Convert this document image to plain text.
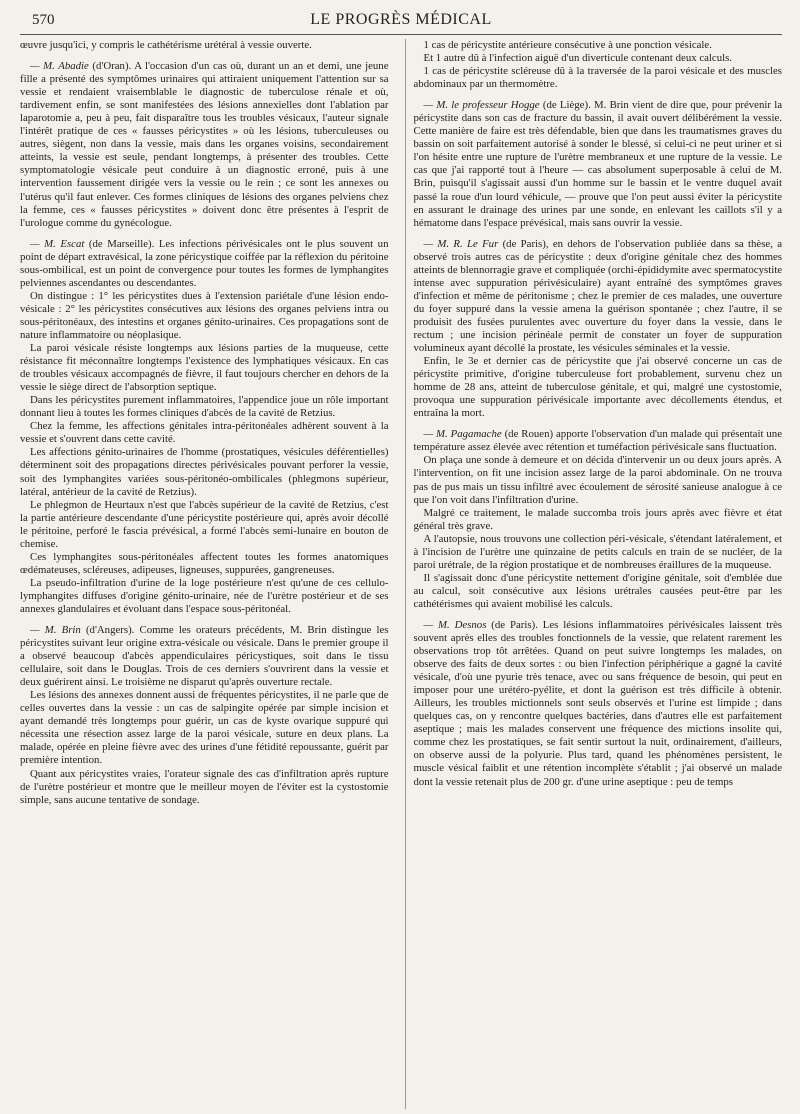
570	LE PROGRÈS MÉDICAL

œuvre jusqu'ici, y compris le cathétérisme urétéral à vessie ouverte.

— M. Abadie (d'Oran). A l'occasion d'un cas où, durant un an et demi, une jeune fille a présenté des symptômes urinaires qui attiraient uniquement l'attention sur sa vessie et rendaient vraisemblable le diagnostic de tuberculose rénale et où, tardivement enfin, se sont manifestées des lésions annexielles dont l'ablation par laparotomie a, peu à peu, fait disparaître tous les troubles vésicaux, l'auteur signale l'intérêt pratique de ces « fausses péricystites » où les lésions, tuberculeuses ou autres, siègent, non dans la vessie, mais dans les organes voisins, secondairement atteints, la vessie est seule, pendant longtemps, à présenter des troubles. Cette symptomatologie vésicale peut conduire à un diagnostic erroné, puis à une intervention faussement dirigée vers la vessie ou le rein ; ce sont les annexes ou l'utérus qu'il faut enlever. Ces formes cliniques de lésions des organes pelviens chez la femme, ces « fausses péricystites » doivent donc être présentes à l'esprit de l'urologue comme du gynécologue.

— M. Escat (de Marseille). Les infections périvésicales ont le plus souvent un point de départ extravésical, la zone péricystique coiffée par la réflexion du péritoine sous-ombilical, est un point de convergence pour toutes les formes de lymphangites pelviennes ascendantes ou descendantes.

On distingue : 1° les péricystites dues à l'extension pariétale d'une lésion endo-vésicale : 2° les péricystites consécutives aux lésions des organes pelviens intra ou sous-péritonéaux, des intestins et organes génito-urinaires. Ces propagations sont de nature inflammatoire ou néoplasique.

La paroi vésicale résiste longtemps aux lésions parties de la muqueuse, cette résistance fit méconnaître longtemps l'existence des lymphatiques vésicaux. En cas de troubles vésicaux accompagnés de fièvre, il faut toujours chercher en dehors de la vessie le siège direct de l'absorption septique.

Dans les péricystites purement inflammatoires, l'appendice joue un rôle important donnant lieu à toutes les formes cliniques d'abcès de la cavité de Retzius.

Chez la femme, les affections génitales intra-péritonéales adhèrent souvent à la vessie et s'ouvrent dans cette cavité.

Les affections génito-urinaires de l'homme (prostatiques, vésicules déférentielles) déterminent soit des propagations directes périvésicales pouvant perforer la vessie, soit des lymphangites variées sous-péritonéo-ombilicales (phlegmons supérieur, latéral, antérieur de la cavité de Retzius).

Le phlegmon de Heurtaux n'est que l'abcès supérieur de la cavité de Retzius, c'est la partie antérieure descendante d'une péricystite postérieure qui, après avoir décollé le péritoine, perforé le fascia prévésical, a formé l'abcès semi-lunaire en bouton de chemise.

Ces lymphangites sous-péritonéales affectent toutes les formes anatomiques œdémateuses, scléreuses, adipeuses, ligneuses, suppurées, gangreneuses.

La pseudo-infiltration d'urine de la loge postérieure n'est qu'une de ces cellulo-lymphangites diffuses d'origine génito-urinaire, née de l'urètre postérieur et de ses annexes glandulaires et évoluant dans l'espace sous-péritonéal.

— M. Brin (d'Angers). Comme les orateurs précédents, M. Brin distingue les péricystites suivant leur origine extra-vésicale ou vésicale. Dans le premier groupe il a observé beaucoup d'abcès appendiculaires péricystiques, soit dans le tissu cellulaire, soit dans le Douglas. Trois de ces derniers s'ouvrirent dans la vessie et deux guérirent ainsi. Le troisième ne disparut qu'après ouverture rectale.

Les lésions des annexes donnent aussi de fréquentes péricystites, il ne parle que de celles ouvertes dans la vessie : un cas de salpingite opérée par simple incision et ayant demandé très longtemps pour guérir, un cas de kyste ovarique suppuré qui nécessita une résection assez large de la paroi vésicale, suture en deux plans. La malade, opérée en pleine fièvre avec des urines d'une fétidité repoussante, guérit par première intention.

Quant aux péricystites vraies, l'orateur signale des cas d'infiltration après rupture de l'urètre postérieur et montre que le meilleur moyen de l'éviter est la cystostomie simple, sans aucune tentative de sondage.

1 cas de péricystite antérieure consécutive à une ponction vésicale.

Et 1 autre dû à l'infection aiguë d'un diverticule contenant deux calculs.

1 cas de péricystite scléreuse dû à la traversée de la paroi vésicale et des muscles abdominaux par un thermomètre.

— M. le professeur Hogge (de Liège). M. Brin vient de dire que, pour prévenir la péricystite dans son cas de fracture du bassin, il avait ouvert délibérément la vessie. Cette manière de faire est très défendable, bien que dans les traumatismes graves du bassin on soit parfaitement autorisé à sonder le blessé, si celui-ci ne peut uriner et si l'on hésite entre une rupture de l'urètre membraneux et une rupture de la vessie. Le cas que j'ai rapporté tout à l'heure — cas absolument superposable à celui de M. Brin, puisqu'il s'agissait aussi d'un homme sur le bassin et le ventre duquel avait passé la roue d'un lourd véhicule, — prouve que l'on peut aussi éviter la péricystite en assurant le drainage des urines par une sonde, en enlevant les caillots s'il y a hématome dans l'espace prévésical, mais sans ouvrir la vessie.

— M. R. Le Fur (de Paris), en dehors de l'observation publiée dans sa thèse, a observé trois autres cas de péricystite : deux d'origine génitale chez des hommes atteints de blennorragie grave et compliquée (orchi-épididymite avec spermatocystite intense avec suppuration périvésiculaire) ayant entraîné des symptômes graves d'infection et même de péritonisme ; chez le premier de ces malades, une ouverture du foyer suppuré dans la vessie amena la guérison spontanée ; chez l'autre, il se produisit des fusées purulentes avec ouverture du foyer dans la vessie, dans le rectum ; une incision périnéale permit de constater un foyer de suppuration volumineux ayant décollé la prostate, les vésicules séminales et la vessie.

Enfin, le 3e et dernier cas de péricystite que j'ai observé concerne un cas de péricystite primitive, d'origine tuberculeuse fort probablement, survenu chez un homme de 28 ans, atteint de tuberculose génitale, et qui, malgré une cystostomie, provoqua une suppuration périvésicale importante avec décollements étendus, et entraîna la mort.

— M. Pagamache (de Rouen) apporte l'observation d'un malade qui présentait une température assez élevée avec rétention et tuméfaction périvésicale sans fluctuation.

On plaça une sonde à demeure et on décida d'intervenir un ou deux jours après. A l'intervention, on fit une incision assez large de la paroi abdominale. On ne trouva pas de pus mais un tissu infiltré avec écoulement de sérosité sanieuse analogue à ce que l'on voit dans l'infiltration d'urine.

Malgré ce traitement, le malade succomba trois jours après avec fièvre et état général très grave.

A l'autopsie, nous trouvons une collection péri-vésicale, s'étendant latéralement, et à l'incision de l'urètre une quinzaine de petits calculs en train de se nucléer, de la paroi urétrale, de la région prostatique et de nombreuses éraillures de la muqueuse.

Il s'agissait donc d'une péricystite nettement d'origine génitale, soit d'emblée due au calcul, soit consécutive aux lésions urétrales causées peut-être par les cathétérismes qui avaient mobilisé les calculs.

— M. Desnos (de Paris). Les lésions inflammatoires périvésicales laissent très souvent après elles des troubles fonctionnels de la vessie, que relatent rarement les observations trop tôt arrêtées. Quand on peut suivre longtemps les malades, on observe des faits de deux sortes : ou bien l'infection périphérique a gagné la cavité vésicale, d'où une pyurie très tenace, avec ou sans fréquence de besoin, qui peut en imposer pour une urétéro-pyélite, et dont la guérison est très difficile à obtenir. Ailleurs, les troubles mictionnels sont seuls observés et l'urine est limpide ; dans quelques cas, on y rencontre quelques bactéries, dans d'autres elle est parfaitement aseptique ; mais les malades conservent une fréquence des mictions insolite qui, comme chez les prostatiques, se fait sentir surtout la nuit, ordinairement, d'ailleurs, on observe aussi de la polyurie. Plus tard, quand les phénomènes persistent, le muscle vésical faiblit et une rétention incomplète s'établit ; j'ai observé un malade dont la vessie retenait plus de 200 gr. d'une urine aseptique : peu de temps
